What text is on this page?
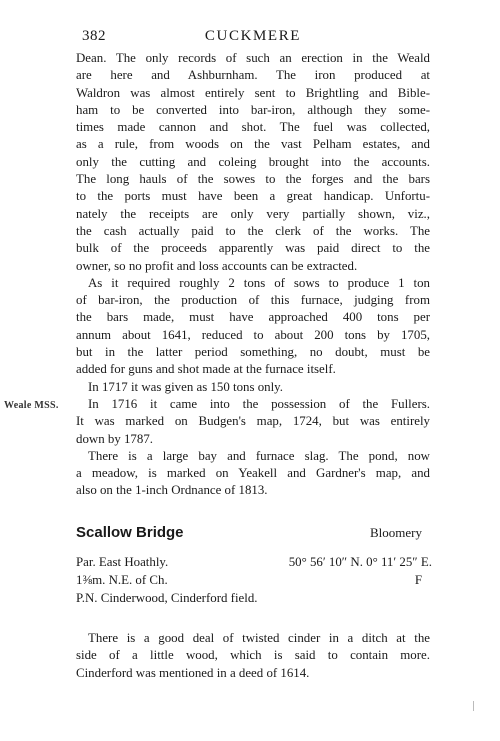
382	CUCKMERE
Dean. The only records of such an erection in the Weald
are here and Ashburnham. The iron produced at
Waldron was almost entirely sent to Brightling and Bible-
ham to be converted into bar-iron, although they some-
times made cannon and shot. The fuel was collected,
as a rule, from woods on the vast Pelham estates, and
only the cutting and coleing brought into the accounts.
The long hauls of the sowes to the forges and the bars
to the ports must have been a great handicap. Unfortu-
nately the receipts are only very partially shown, viz.,
the cash actually paid to the clerk of the works. The
bulk of the proceeds apparently was paid direct to the
owner, so no profit and loss accounts can be extracted.
As it required roughly 2 tons of sows to produce 1 ton
of bar-iron, the production of this furnace, judging from
the bars made, must have approached 400 tons per
annum about 1641, reduced to about 200 tons by 1705,
but in the latter period something, no doubt, must be
added for guns and shot made at the furnace itself.
In 1717 it was given as 150 tons only.
In 1716 it came into the possession of the Fullers.
It was marked on Budgen's map, 1724, but was entirely
down by 1787.
There is a large bay and furnace slag. The pond, now
a meadow, is marked on Yeakell and Gardner's map, and
also on the 1-inch Ordnance of 1813.
Weale MSS.
Scallow Bridge	Bloomery
Par. East Hoathly.	50° 56′ 10″ N. 0° 11′ 25″ E.
1⅜m. N.E. of Ch.	F
P.N. Cinderwood, Cinderford field.
There is a good deal of twisted cinder in a ditch at the
side of a little wood, which is said to contain more.
Cinderford was mentioned in a deed of 1614.
